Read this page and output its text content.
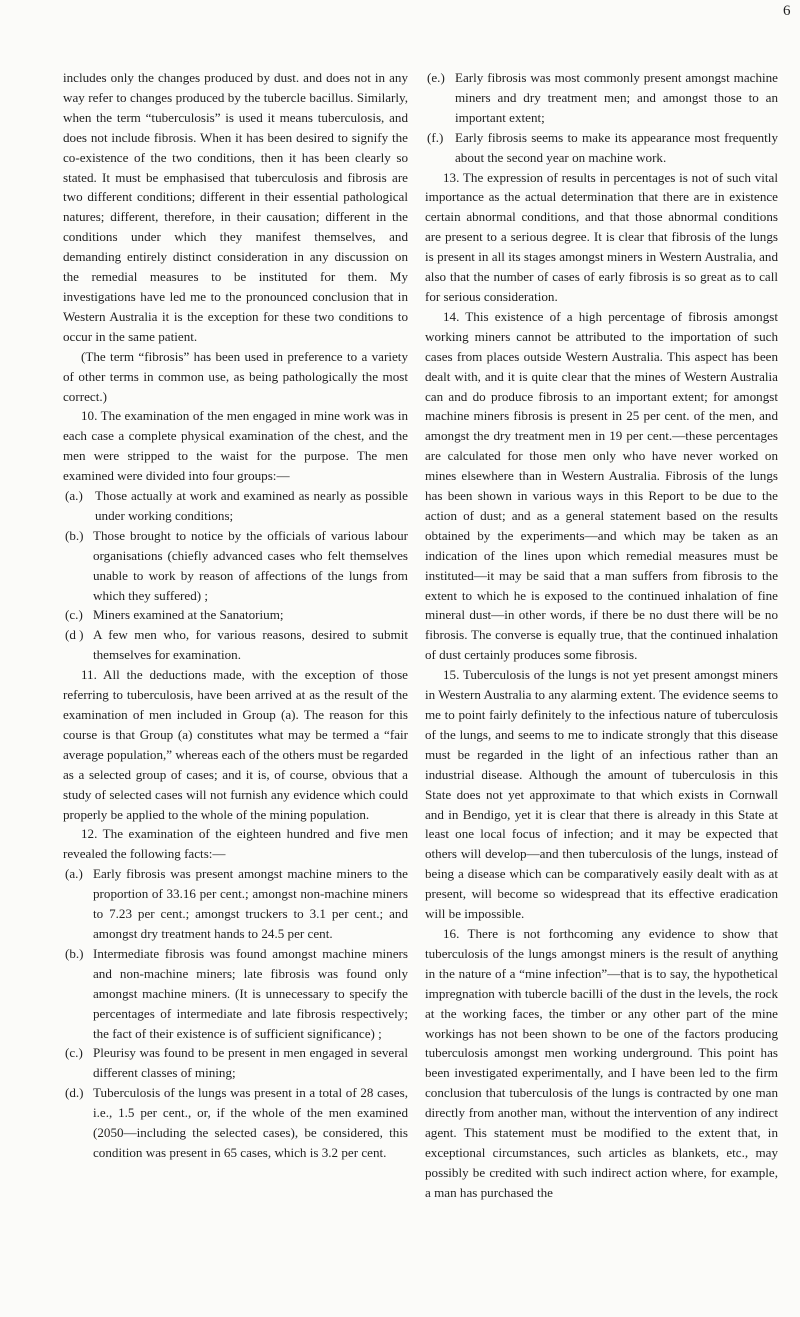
6

includes only the changes produced by dust. and does not in any way refer to changes produced by the tubercle bacillus. Similarly, when the term “tuberculosis” is used it means tuberculosis, and does not include fibrosis. When it has been desired to signify the co-existence of the two conditions, then it has been clearly so stated. It must be emphasised that tuberculosis and fibrosis are two different conditions; different in their essential pathological natures; different, therefore, in their causation; different in the conditions under which they manifest themselves, and demanding entirely distinct consideration in any discussion on the remedial measures to be instituted for them. My investigations have led me to the pronounced conclusion that in Western Australia it is the exception for these two conditions to occur in the same patient.

(The term “fibrosis” has been used in preference to a variety of other terms in common use, as being pathologically the most correct.)

10. The examination of the men engaged in mine work was in each case a complete physical examination of the chest, and the men were stripped to the waist for the purpose. The men examined were divided into four groups:—

(a.) Those actually at work and examined as nearly as possible under working conditions;
(b.) Those brought to notice by the officials of various labour organisations (chiefly advanced cases who felt themselves unable to work by reason of affections of the lungs from which they suffered) ;
(c.) Miners examined at the Sanatorium;
(d ) A few men who, for various reasons, desired to submit themselves for examination.

11. All the deductions made, with the exception of those referring to tuberculosis, have been arrived at as the result of the examination of men included in Group (a). The reason for this course is that Group (a) constitutes what may be termed a “fair average population,” whereas each of the others must be regarded as a selected group of cases; and it is, of course, obvious that a study of selected cases will not furnish any evidence which could properly be applied to the whole of the mining population.

12. The examination of the eighteen hundred and five men revealed the following facts:—

(a.) Early fibrosis was present amongst machine miners to the proportion of 33.16 per cent.; amongst non-machine miners to 7.23 per cent.; amongst truckers to 3.1 per cent.; and amongst dry treatment hands to 24.5 per cent.
(b.) Intermediate fibrosis was found amongst machine miners and non-machine miners; late fibrosis was found only amongst machine miners. (It is unnecessary to specify the percentages of intermediate and late fibrosis respectively; the fact of their existence is of sufficient significance) ;
(c.) Pleurisy was found to be present in men engaged in several different classes of mining;
(d.) Tuberculosis of the lungs was present in a total of 28 cases, i.e., 1.5 per cent., or, if the whole of the men examined (2050—including the selected cases), be considered, this condition was present in 65 cases, which is 3.2 per cent.
(e.) Early fibrosis was most commonly present amongst machine miners and dry treatment men; and amongst those to an important extent;
(f.) Early fibrosis seems to make its appearance most frequently about the second year on machine work.

13. The expression of results in percentages is not of such vital importance as the actual determination that there are in existence certain abnormal conditions, and that those abnormal conditions are present to a serious degree. It is clear that fibrosis of the lungs is present in all its stages amongst miners in Western Australia, and also that the number of cases of early fibrosis is so great as to call for serious consideration.

14. This existence of a high percentage of fibrosis amongst working miners cannot be attributed to the importation of such cases from places outside Western Australia. This aspect has been dealt with, and it is quite clear that the mines of Western Australia can and do produce fibrosis to an important extent; for amongst machine miners fibrosis is present in 25 per cent. of the men, and amongst the dry treatment men in 19 per cent.—these percentages are calculated for those men only who have never worked on mines elsewhere than in Western Australia. Fibrosis of the lungs has been shown in various ways in this Report to be due to the action of dust; and as a general statement based on the results obtained by the experiments—and which may be taken as an indication of the lines upon which remedial measures must be instituted—it may be said that a man suffers from fibrosis to the extent to which he is exposed to the continued inhalation of fine mineral dust—in other words, if there be no dust there will be no fibrosis. The converse is equally true, that the continued inhalation of dust certainly produces some fibrosis.

15. Tuberculosis of the lungs is not yet present amongst miners in Western Australia to any alarming extent. The evidence seems to me to point fairly definitely to the infectious nature of tuberculosis of the lungs, and seems to me to indicate strongly that this disease must be regarded in the light of an infectious rather than an industrial disease. Although the amount of tuberculosis in this State does not yet approximate to that which exists in Cornwall and in Bendigo, yet it is clear that there is already in this State at least one local focus of infection; and it may be expected that others will develop—and then tuberculosis of the lungs, instead of being a disease which can be comparatively easily dealt with as at present, will become so widespread that its effective eradication will be impossible.

16. There is not forthcoming any evidence to show that tuberculosis of the lungs amongst miners is the result of anything in the nature of a “mine infection”—that is to say, the hypothetical impregnation with tubercle bacilli of the dust in the levels, the rock at the working faces, the timber or any other part of the mine workings has not been shown to be one of the factors producing tuberculosis amongst men working underground. This point has been investigated experimentally, and I have been led to the firm conclusion that tuberculosis of the lungs is contracted by one man directly from another man, without the intervention of any indirect agent. This statement must be modified to the extent that, in exceptional circumstances, such articles as blankets, etc., may possibly be credited with such indirect action where, for example, a man has purchased the
